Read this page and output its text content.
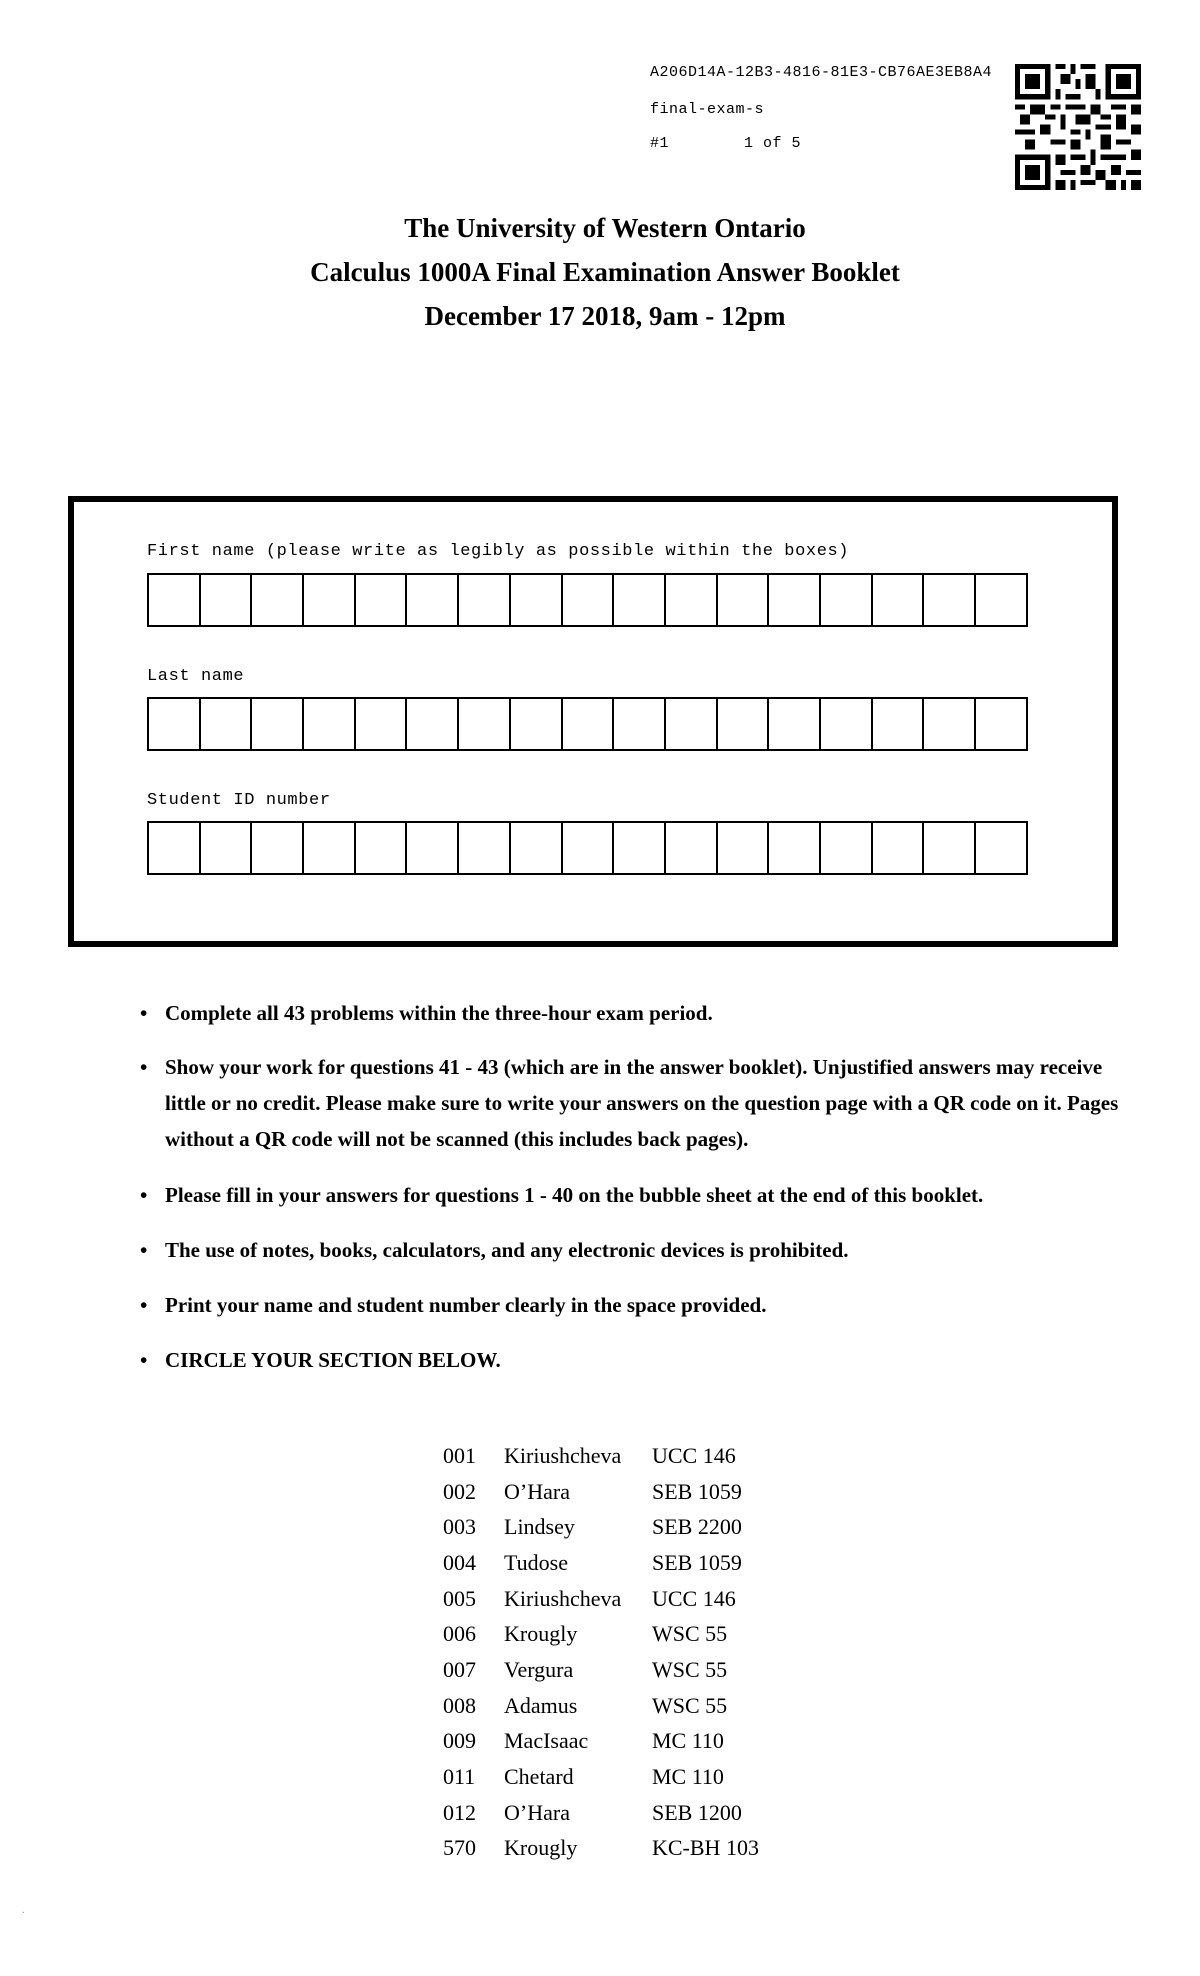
A206D14A-12B3-4816-81E3-CB76AE3EB8A4
final-exam-s
#1	1 of 5
The University of Western Ontario
Calculus 1000A Final Examination Answer Booklet
December 17 2018, 9am - 12pm
First name (please write as legibly as possible within the boxes)
Last name
Student ID number
• Complete all 43 problems within the three-hour exam period.
• Show your work for questions 41 - 43 (which are in the answer booklet). Unjustified answers may receive little or no credit. Please make sure to write your answers on the question page with a QR code on it. Pages without a QR code will not be scanned (this includes back pages).
• Please fill in your answers for questions 1 - 40 on the bubble sheet at the end of this booklet.
• The use of notes, books, calculators, and any electronic devices is prohibited.
• Print your name and student number clearly in the space provided.
• CIRCLE YOUR SECTION BELOW.
001	Kiriushcheva	UCC 146
002	O’Hara	SEB 1059
003	Lindsey	SEB 2200
004	Tudose	SEB 1059
005	Kiriushcheva	UCC 146
006	Krougly	WSC 55
007	Vergura	WSC 55
008	Adamus	WSC 55
009	MacIsaac	MC 110
011	Chetard	MC 110
012	O’Hara	SEB 1200
570	Krougly	KC-BH 103
.
